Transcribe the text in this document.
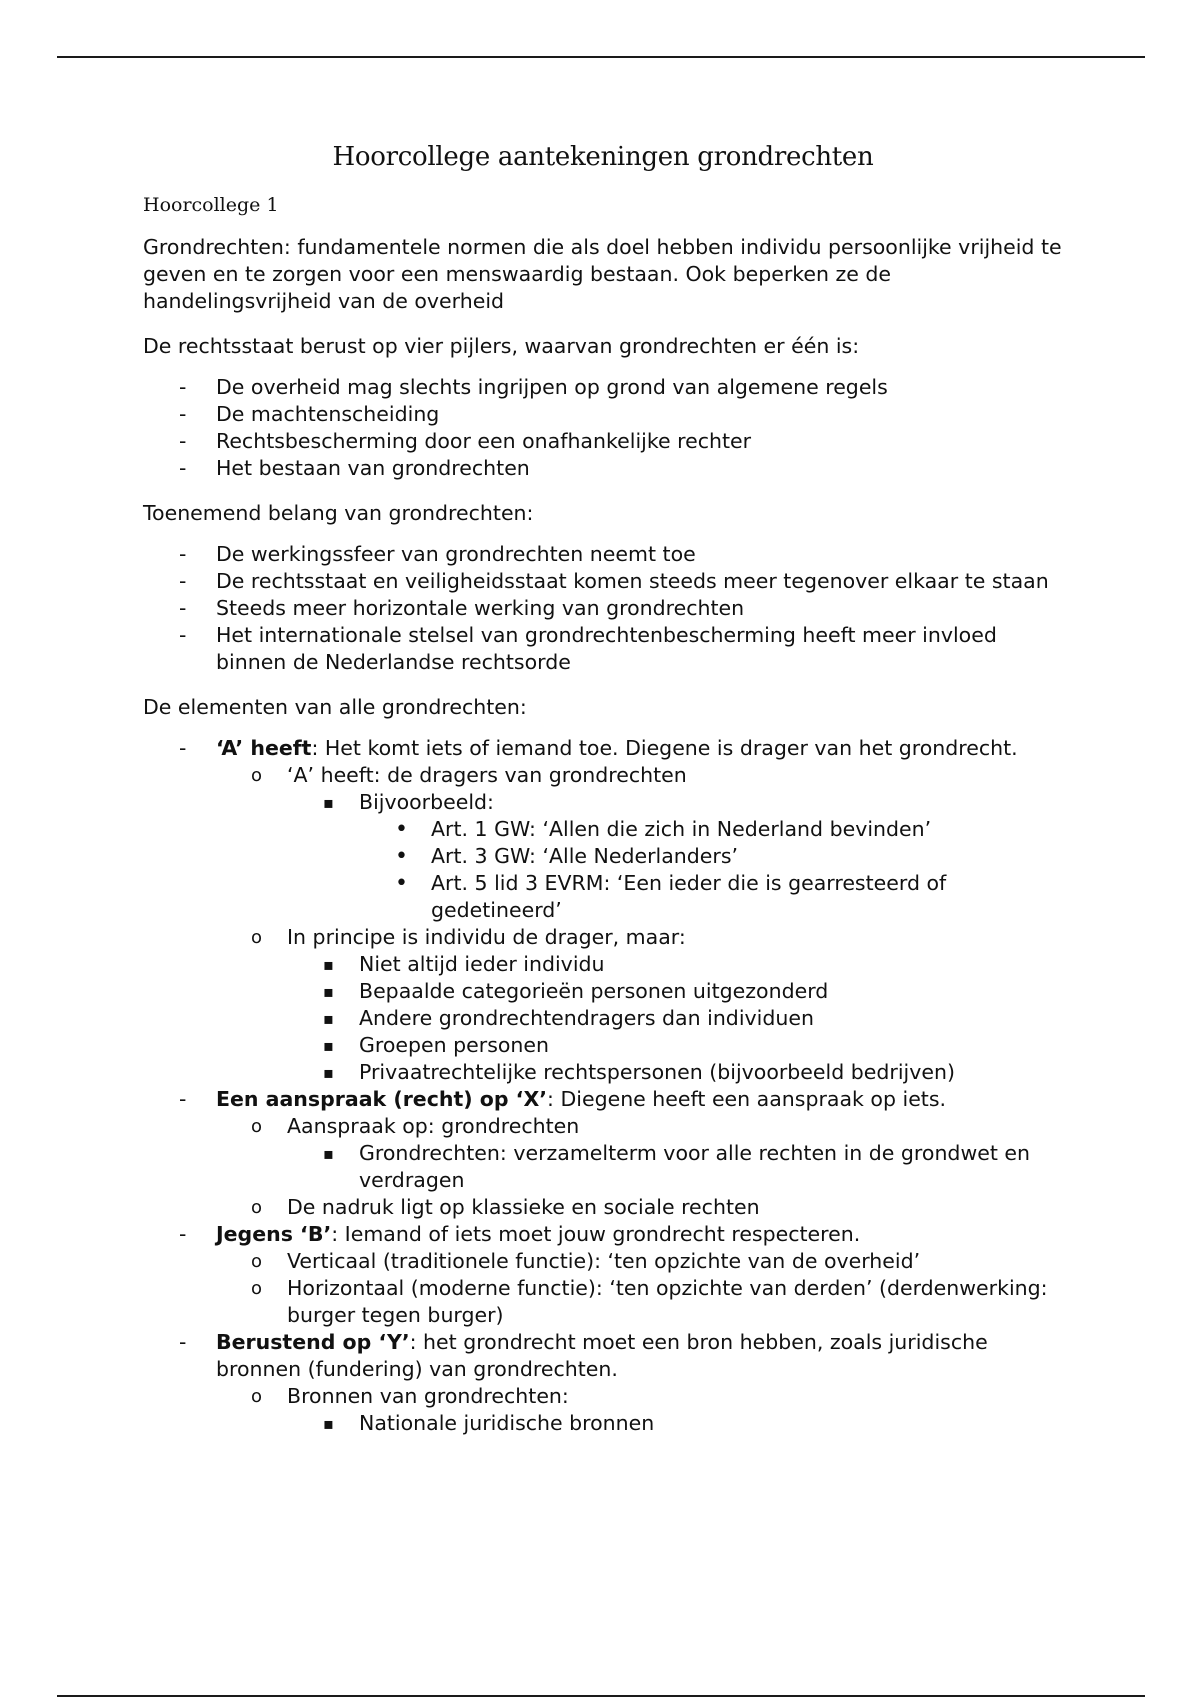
Hoorcollege aantekeningen grondrechten
Hoorcollege 1

Grondrechten: fundamentele normen die als doel hebben individu persoonlijke vrijheid te geven en te zorgen voor een menswaardig bestaan. Ook beperken ze de handelingsvrijheid van de overheid

De rechtsstaat berust op vier pijlers, waarvan grondrechten er één is:

- De overheid mag slechts ingrijpen op grond van algemene regels
- De machtenscheiding
- Rechtsbescherming door een onafhankelijke rechter
- Het bestaan van grondrechten

Toenemend belang van grondrechten:

- De werkingssfeer van grondrechten neemt toe
- De rechtsstaat en veiligheidsstaat komen steeds meer tegenover elkaar te staan
- Steeds meer horizontale werking van grondrechten
- Het internationale stelsel van grondrechtenbescherming heeft meer invloed binnen de Nederlandse rechtsorde

De elementen van alle grondrechten:

- ‘A’ heeft: Het komt iets of iemand toe. Diegene is drager van het grondrecht.
o ‘A’ heeft: de dragers van grondrechten
▪ Bijvoorbeeld:
• Art. 1 GW: ‘Allen die zich in Nederland bevinden’
• Art. 3 GW: ‘Alle Nederlanders’
• Art. 5 lid 3 EVRM: ‘Een ieder die is gearresteerd of gedetineerd’
o In principe is individu de drager, maar:
▪ Niet altijd ieder individu
▪ Bepaalde categorieën personen uitgezonderd
▪ Andere grondrechtendragers dan individuen
▪ Groepen personen
▪ Privaatrechtelijke rechtspersonen (bijvoorbeeld bedrijven)
- Een aanspraak (recht) op ‘X’: Diegene heeft een aanspraak op iets.
o Aanspraak op: grondrechten
▪ Grondrechten: verzamelterm voor alle rechten in de grondwet en verdragen
o De nadruk ligt op klassieke en sociale rechten
- Jegens ‘B’: Iemand of iets moet jouw grondrecht respecteren.
o Verticaal (traditionele functie): ‘ten opzichte van de overheid’
o Horizontaal (moderne functie): ‘ten opzichte van derden’ (derdenwerking: burger tegen burger)
- Berustend op ‘Y’: het grondrecht moet een bron hebben, zoals juridische bronnen (fundering) van grondrechten.
o Bronnen van grondrechten:
▪ Nationale juridische bronnen
